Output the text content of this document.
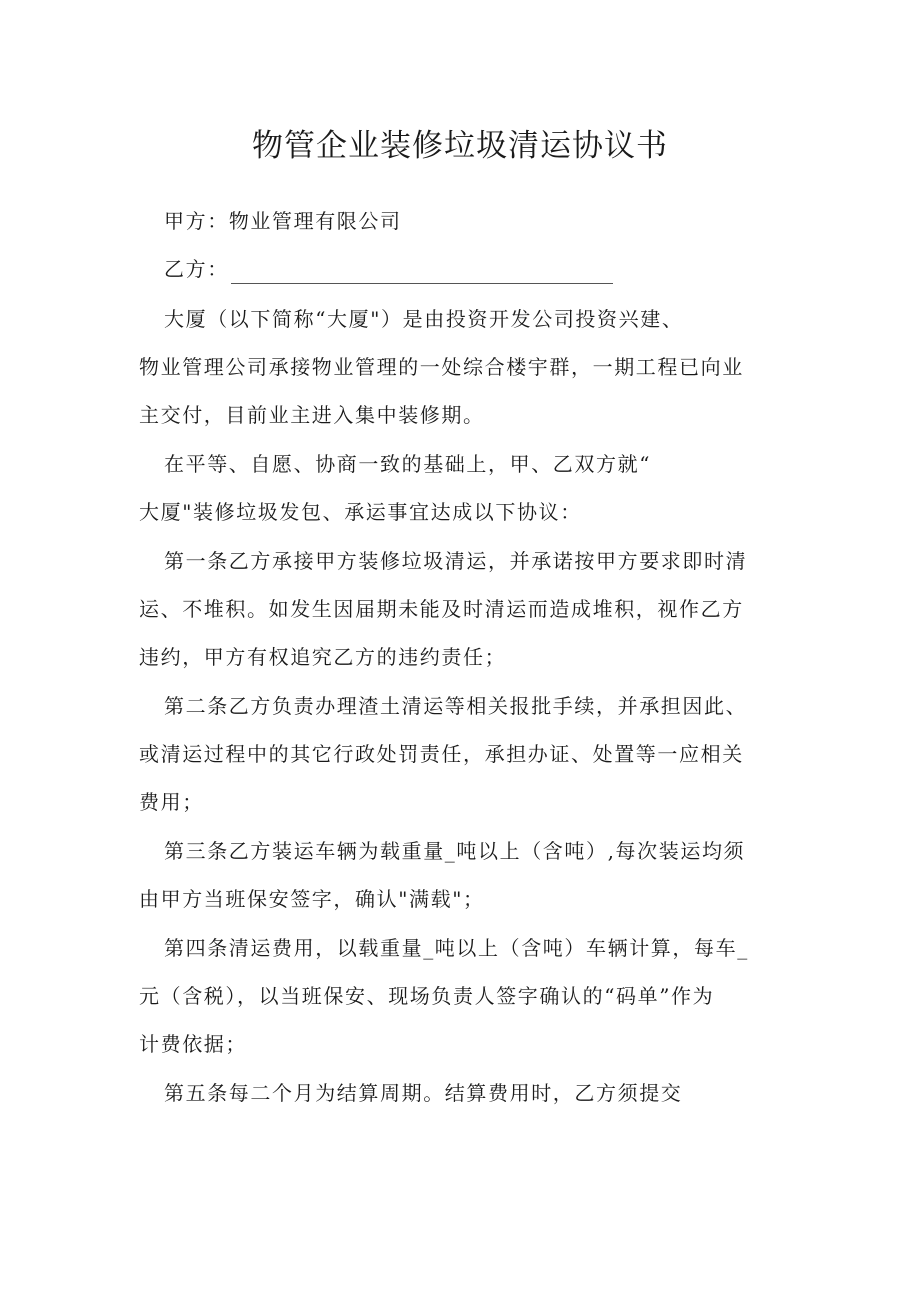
物管企业装修垃圾清运协议书
甲方：物业管理有限公司
乙方：
大厦（以下简称“大厦"）是由投资开发公司投资兴建、
物业管理公司承接物业管理的一处综合楼宇群，一期工程已向业
主交付，目前业主进入集中装修期。
在平等、自愿、协商一致的基础上，甲、乙双方就“
大厦"装修垃圾发包、承运事宜达成以下协议：
第一条乙方承接甲方装修垃圾清运，并承诺按甲方要求即时清
运、不堆积。如发生因届期未能及时清运而造成堆积，视作乙方
违约，甲方有权追究乙方的违约责任；
第二条乙方负责办理渣土清运等相关报批手续，并承担因此、
或清运过程中的其它行政处罚责任，承担办证、处置等一应相关
费用；
第三条乙方装运车辆为载重量_吨以上（含吨）,每次装运均须
由甲方当班保安签字，确认"满载"；
第四条清运费用，以载重量_吨以上（含吨）车辆计算，每车_
元（含税），以当班保安、现场负责人签字确认的“码单”作为
计费依据；
第五条每二个月为结算周期。结算费用时，乙方须提交
